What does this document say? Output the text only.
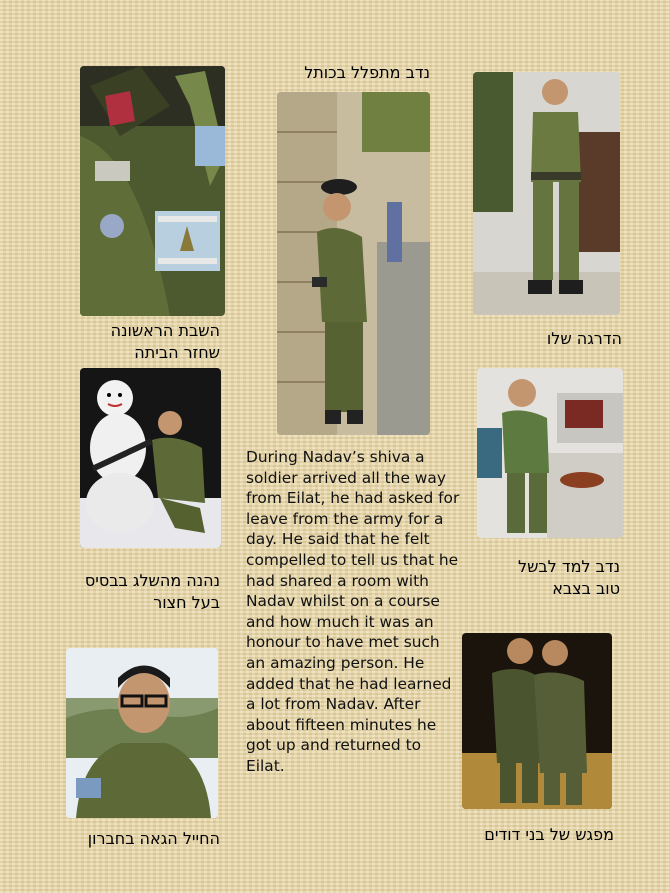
נדב מתפלל בכותל
הדרגה שלו
השבת הראשונה
שחזר הביתה
נדב למד לבשל
טוב בצבא
נהנה מהשלג בבסיס
בעל חצור
החייל הגאה בחברון	מפגש של בני דודים
During Nadav’s shiva a soldier arrived all the way from Eilat, he had asked for leave from the army for a day. He said that he felt compelled to tell us that he had shared a room with Nadav whilst on a course and how much it was an honour to have met such an amazing person. He added that he had learned a lot from Nadav. After about fifteen minutes he got up and returned to Eilat.
